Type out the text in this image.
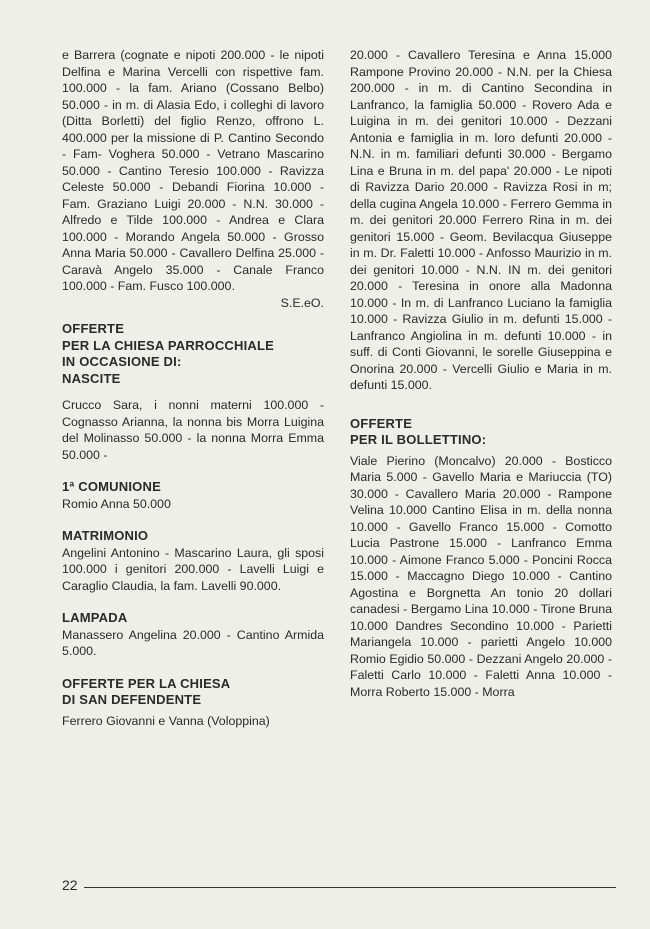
e Barrera (cognate e nipoti 200.000 - le nipoti Delfina e Marina Vercelli con rispettive fam. 100.000 - la fam. Ariano (Cossano Belbo) 50.000 - in m. di Alasia Edo, i colleghi di lavoro (Ditta Borletti) del figlio Renzo, offrono L. 400.000 per la missione di P. Cantino Secondo - Fam- Voghera 50.000 - Vetrano Mascarino 50.000 - Cantino Teresio 100.000 - Ravizza Celeste 50.000 - Debandi Fiorina 10.000 - Fam. Graziano Luigi 20.000 - N.N. 30.000 - Alfredo e Tilde 100.000 - Andrea e Clara 100.000 - Morando Angela 50.000 - Grosso Anna Maria 50.000 - Cavallero Delfina 25.000 - Caravà Angelo 35.000 - Canale Franco 100.000 - Fam. Fusco 100.000.

S.E.eO.

OFFERTE

PER LA CHIESA PARROCCHIALE

IN OCCASIONE DI:

NASCITE

Crucco Sara, i nonni materni 100.000 - Cognasso Arianna, la nonna bis Morra Luigina del Molinasso 50.000 - la nonna Morra Emma 50.000 -

1ª COMUNIONE

Romio Anna 50.000

MATRIMONIO

Angelini Antonino - Mascarino Laura, gli sposi 100.000 i genitori 200.000 - Lavelli Luigi e Caraglio Claudia, la fam. Lavelli 90.000.

LAMPADA

Manassero Angelina 20.000 - Cantino Armida 5.000.

OFFERTE PER LA CHIESA

DI SAN DEFENDENTE

Ferrero Giovanni e Vanna (Voloppina)

20.000 - Cavallero Teresina e Anna 15.000 Rampone Provino 20.000 - N.N. per la Chiesa 200.000 - in m. di Cantino Secondina in Lanfranco, la famiglia 50.000 - Rovero Ada e Luigina in m. dei genitori 10.000 - Dezzani Antonia e famiglia in m. loro defunti 20.000 - N.N. in m. familiari defunti 30.000 - Bergamo Lina e Bruna in m. del papa' 20.000 - Le nipoti di Ravizza Dario 20.000 - Ravizza Rosi in m; della cugina Angela 10.000 - Ferrero Gemma in m. dei genitori 20.000 Ferrero Rina in m. dei genitori 15.000 - Geom. Bevilacqua Giuseppe in m. Dr. Faletti 10.000 - Anfosso Maurizio in m. dei genitori 10.000 - N.N. IN m. dei genitori 20.000 - Teresina in onore alla Madonna 10.000 - In m. di Lanfranco Luciano la famiglia 10.000 - Ravizza Giulio in m. defunti 15.000 - Lanfranco Angiolina in m. defunti 10.000 - in suff. di Conti Giovanni, le sorelle Giuseppina e Onorina 20.000 - Vercelli Giulio e Maria in m. defunti 15.000.

OFFERTE

PER IL BOLLETTINO:

Viale Pierino (Moncalvo) 20.000 - Bosticco Maria 5.000 - Gavello Maria e Mariuccia (TO) 30.000 - Cavallero Maria 20.000 - Rampone Velina 10.000 Cantino Elisa in m. della nonna 10.000 - Gavello Franco 15.000 - Comotto Lucia Pastrone 15.000 - Lanfranco Emma 10.000 - Aimone Franco 5.000 - Poncini Rocca 15.000 - Maccagno Diego 10.000 - Cantino Agostina e Borgnetta An tonio 20 dollari canadesi - Bergamo Lina 10.000 - Tirone Bruna 10.000 Dandres Secondino 10.000 - Parietti Mariangela 10.000 - parietti Angelo 10.000 Romio Egidio 50.000 - Dezzani Angelo 20.000 - Faletti Carlo 10.000 - Faletti Anna 10.000 - Morra Roberto 15.000 - Morra

22
